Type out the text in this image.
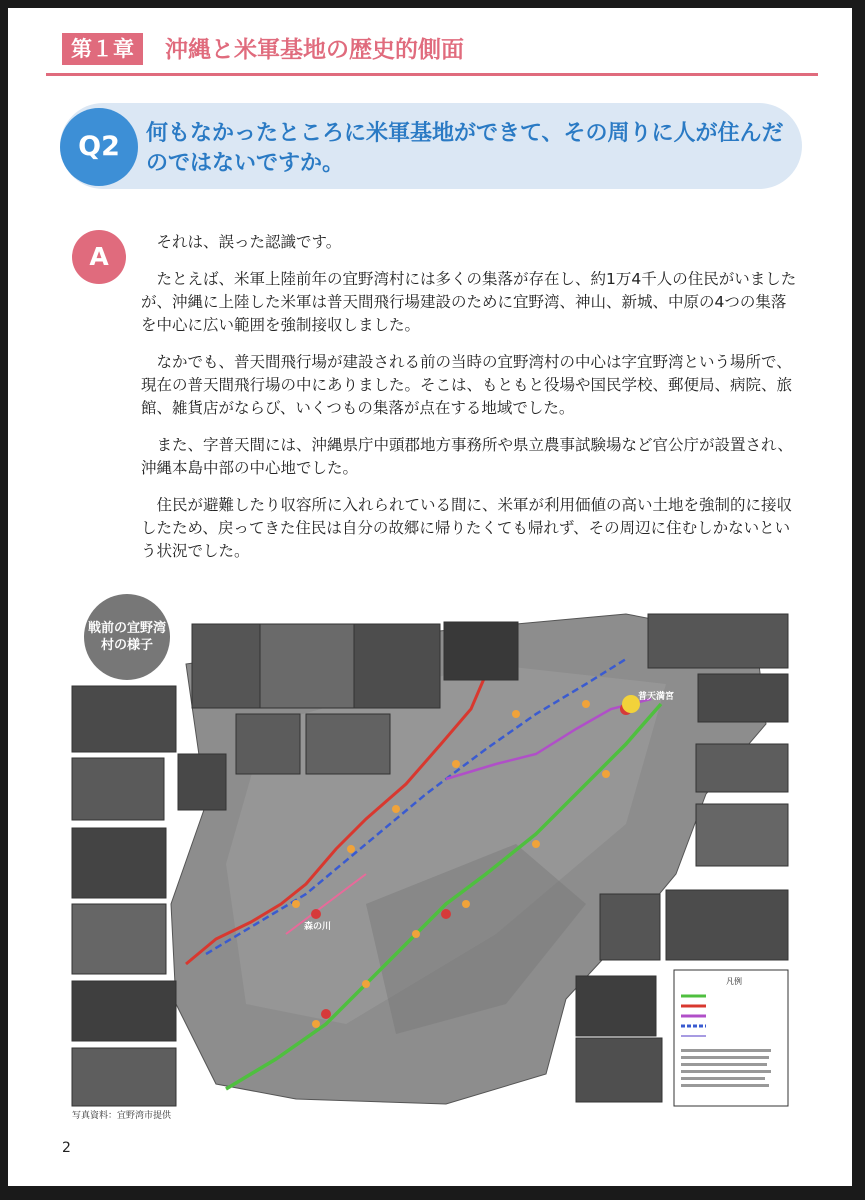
第１章	沖縄と米軍基地の歴史的側面
Q2	何もなかったところに米軍基地ができて、その周りに人が住んだのではないですか。
A	それは、誤った認識です。

たとえば、米軍上陸前年の宜野湾村には多くの集落が存在し、約1万4千人の住民がいましたが、沖縄に上陸した米軍は普天間飛行場建設のために宜野湾、神山、新城、中原の4つの集落を中心に広い範囲を強制接収しました。

なかでも、普天間飛行場が建設される前の当時の宜野湾村の中心は字宜野湾という場所で、現在の普天間飛行場の中にありました。そこは、もともと役場や国民学校、郵便局、病院、旅館、雑貨店がならび、いくつもの集落が点在する地域でした。

また、字普天間には、沖縄県庁中頭郡地方事務所や県立農事試験場など官公庁が設置され、沖縄本島中部の中心地でした。

住民が避難したり収容所に入れられている間に、米軍が利用価値の高い土地を強制的に接収したため、戻ってきた住民は自分の故郷に帰りたくても帰れず、その周辺に住むしかないという状況でした。

戦前の宜野湾村の様子
普天満宮
森の川
凡例
写真資料：宜野湾市提供
2
